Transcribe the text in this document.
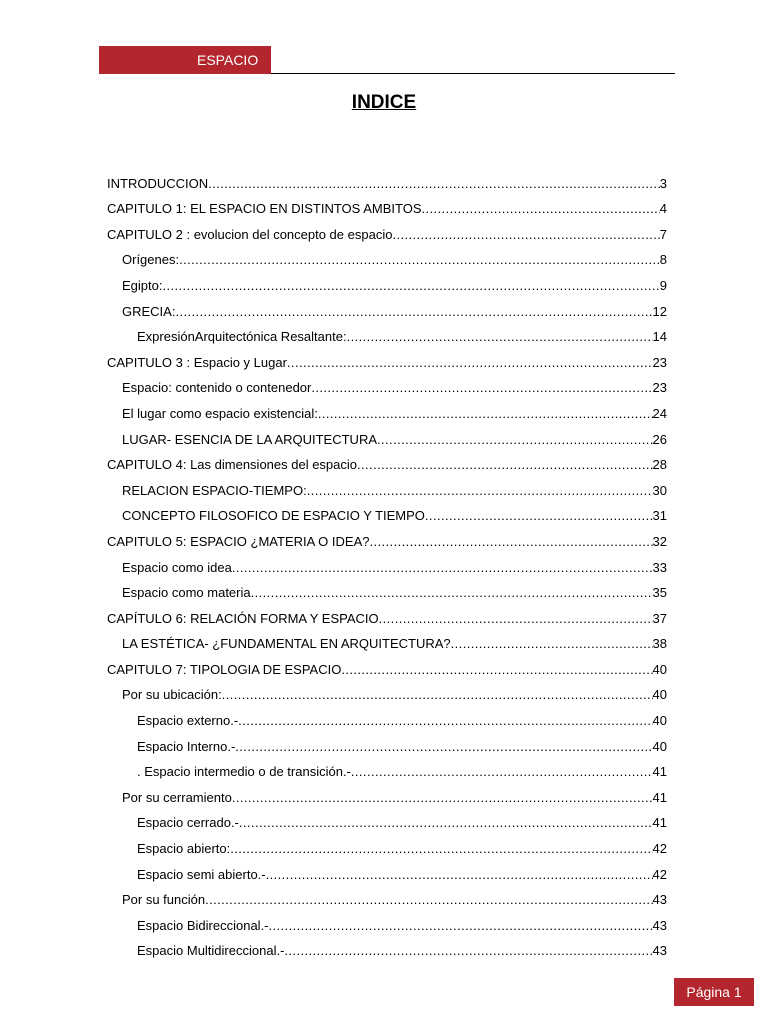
ESPACIO
INDICE
INTRODUCCION .....	3
CAPITULO 1: EL ESPACIO EN DISTINTOS AMBITOS .....	4
CAPITULO 2 : evolucion del concepto de espacio .....	7
Orígenes: .....	8
Egipto: .....	9
GRECIA: .....	12
ExpresiónArquitectónica Resaltante: .....	14
CAPITULO 3 : Espacio y Lugar .....	23
Espacio: contenido o contenedor .....	23
El lugar como espacio existencial: .....	24
LUGAR- ESENCIA DE LA ARQUITECTURA .....	26
CAPITULO 4: Las dimensiones del espacio .....	28
RELACION ESPACIO-TIEMPO: .....	30
CONCEPTO FILOSOFICO DE ESPACIO Y TIEMPO .....	31
CAPITULO 5: ESPACIO ¿MATERIA O IDEA? .....	32
Espacio como idea .....	33
Espacio como materia .....	35
CAPÍTULO 6: RELACIÓN FORMA Y ESPACIO .....	37
LA ESTÉTICA- ¿FUNDAMENTAL EN ARQUITECTURA? .....	38
CAPITULO 7: TIPOLOGIA DE ESPACIO .....	40
Por su ubicación: .....	40
Espacio externo.- .....	40
Espacio Interno.- .....	40
. Espacio intermedio o de transición.- .....	41
Por su cerramiento .....	41
Espacio cerrado.- .....	41
Espacio abierto: .....	42
Espacio semi abierto.- .....	42
Por su función .....	43
Espacio Bidireccional.- .....	43
Espacio Multidireccional.- .....	43
Página 1
